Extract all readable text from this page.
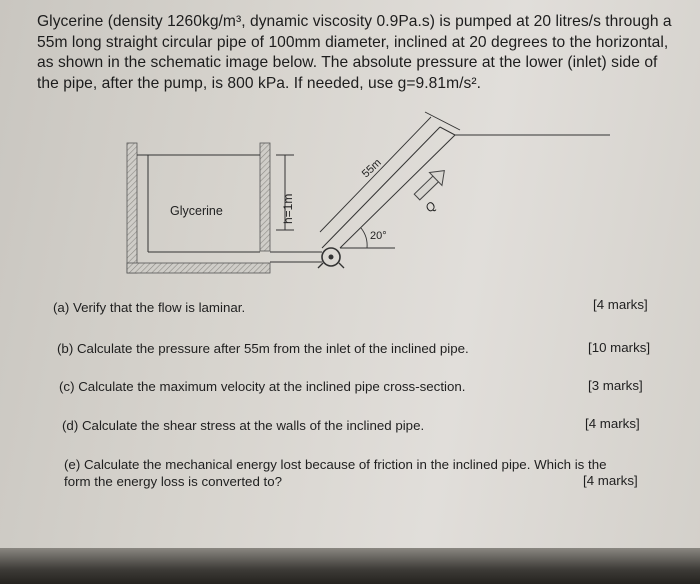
Glycerine (density 1260kg/m³, dynamic viscosity 0.9Pa.s) is pumped at 20 litres/s through a

55m long straight circular pipe of 100mm diameter, inclined at 20 degrees to the horizontal,

as shown in the schematic image below. The absolute pressure at the lower (inlet) side of

the pipe, after the pump, is 800 kPa. If needed, use g=9.81m/s².

Glycerine	h=1m
55m
20°
Q
(a) Verify that the flow is laminar.	[4 marks]
(b) Calculate the pressure after 55m from the inlet of the inclined pipe.	[10 marks]
(c) Calculate the maximum velocity at the inclined pipe cross-section.	[3 marks]
(d) Calculate the shear stress at the walls of the inclined pipe.	[4 marks]
(e) Calculate the mechanical energy lost because of friction in the inclined pipe. Which is the
form the energy loss is converted to?	[4 marks]
